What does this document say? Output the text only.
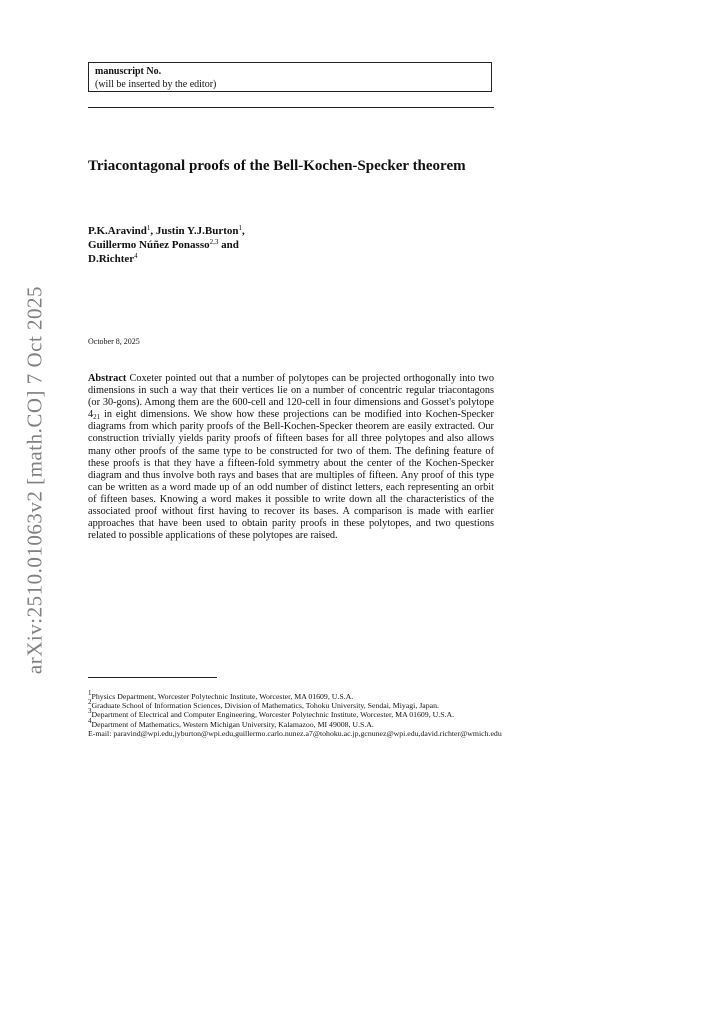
manuscript No.
(will be inserted by the editor)
Triacontagonal proofs of the Bell-Kochen-Specker theorem
P.K.Aravind$^1$, Justin Y.J.Burton$^1$,
Guillermo Núñez Ponasso$^{2,3}$ and
D.Richter$^4$
October 8, 2025

Abstract Coxeter pointed out that a number of polytopes can be projected orthogonally into two dimensions in such a way that their vertices lie on a number of concentric regular triacontagons (or 30-gons). Among them are the 600-cell and 120-cell in four dimensions and Gosset's polytope $4_{21}$ in eight dimensions. We show how these projections can be modified into Kochen-Specker diagrams from which parity proofs of the Bell-Kochen-Specker theorem are easily extracted. Our construction trivially yields parity proofs of fifteen bases for all three polytopes and also allows many other proofs of the same type to be constructed for two of them. The defining feature of these proofs is that they have a fifteen-fold symmetry about the center of the Kochen-Specker diagram and thus involve both rays and bases that are multiples of fifteen. Any proof of this type can be written as a word made up of an odd number of distinct letters, each representing an orbit of fifteen bases. Knowing a word makes it possible to write down all the characteristics of the associated proof without first having to recover its bases. A comparison is made with earlier approaches that have been used to obtain parity proofs in these polytopes, and two questions related to possible applications of these polytopes are raised.

$^1$Physics Department, Worcester Polytechnic Institute, Worcester, MA 01609, U.S.A.

$^2$Graduate School of Information Sciences, Division of Mathematics, Tohoku University, Sendai, Miyagi, Japan.

$^3$Department of Electrical and Computer Engineering, Worcester Polytechnic Institute, Worcester, MA 01609, U.S.A.

$^4$Department of Mathematics, Western Michigan University, Kalamazoo, MI 49008, U.S.A.

E-mail: paravind@wpi.edu,jyburton@wpi.edu,guillermo.carlo.nunez.a7@tohoku.ac.jp,gcnunez@wpi.edu,david.richter@wmich.edu

arXiv:2510.01063v2 [math.CO] 7 Oct 2025
